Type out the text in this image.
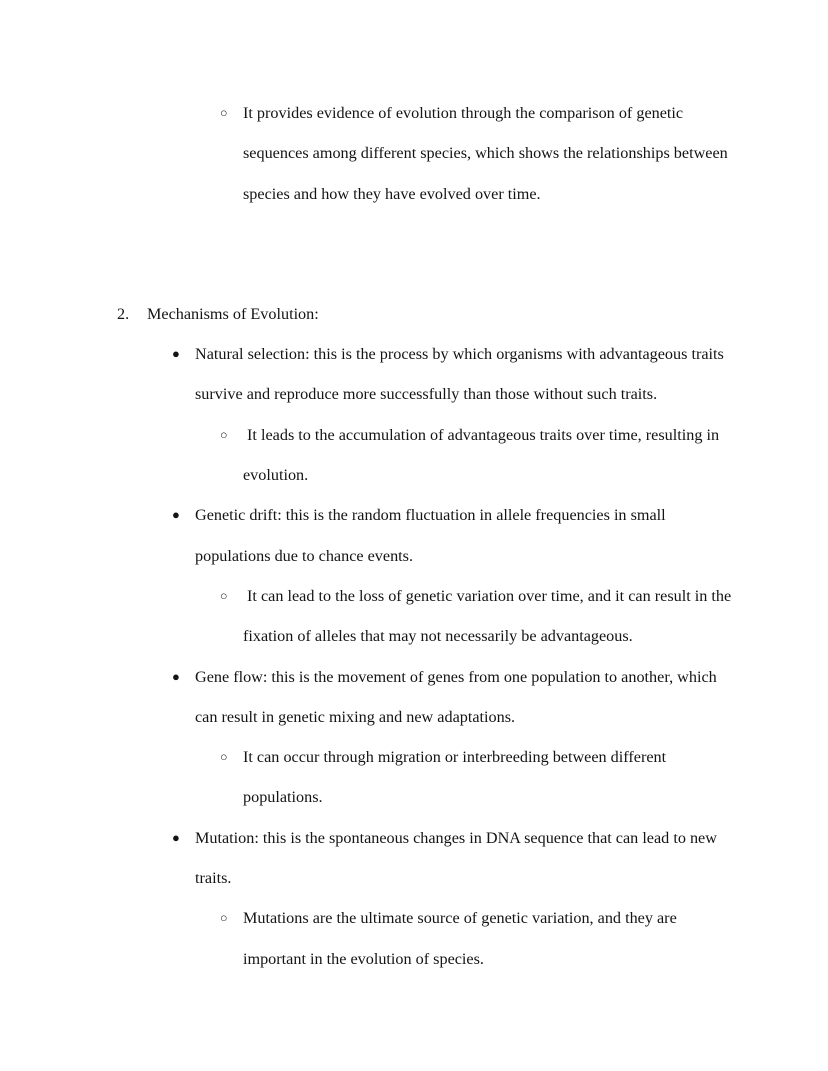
○ It provides evidence of evolution through the comparison of genetic sequences among different species, which shows the relationships between species and how they have evolved over time.
2.	Mechanisms of Evolution:
● Natural selection: this is the process by which organisms with advantageous traits survive and reproduce more successfully than those without such traits.
○ It leads to the accumulation of advantageous traits over time, resulting in evolution.
● Genetic drift: this is the random fluctuation in allele frequencies in small populations due to chance events.
○ It can lead to the loss of genetic variation over time, and it can result in the fixation of alleles that may not necessarily be advantageous.
● Gene flow: this is the movement of genes from one population to another, which can result in genetic mixing and new adaptations.
○ It can occur through migration or interbreeding between different populations.
● Mutation: this is the spontaneous changes in DNA sequence that can lead to new traits.
○ Mutations are the ultimate source of genetic variation, and they are important in the evolution of species.
